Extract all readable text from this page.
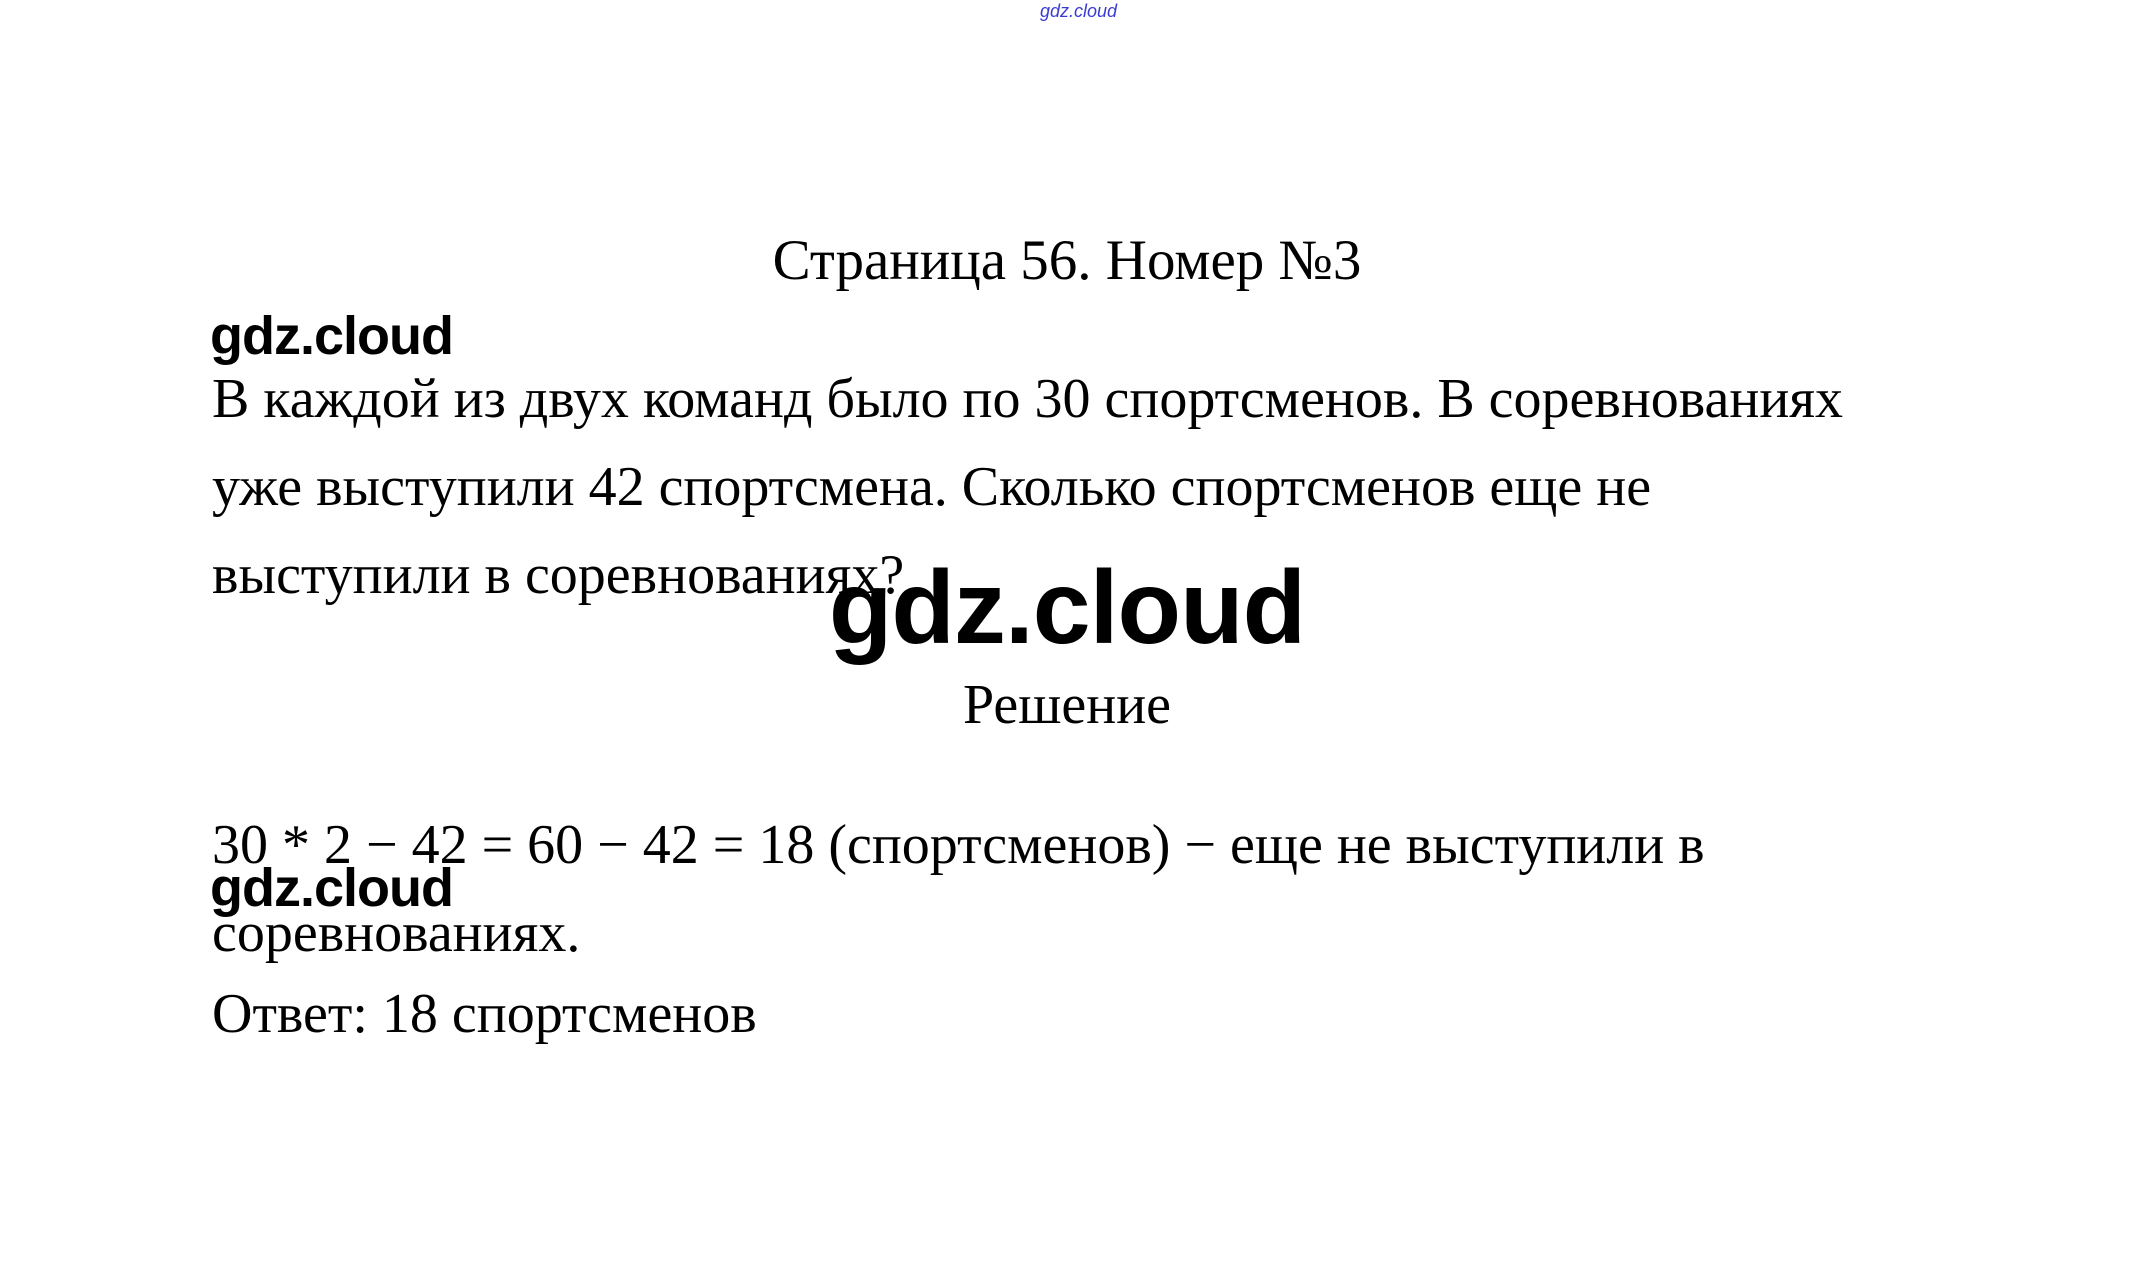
gdz.cloud
Страница 56. Номер №3
gdz.cloud
В каждой из двух команд было по 30 спортсменов. В соревнованиях
уже выступили 42 спортсмена. Сколько спортсменов еще не
выступили в соревнованиях?
gdz.cloud
Решение
30 * 2 − 42 = 60 − 42 = 18 (спортсменов) − еще не выступили в
соревнованиях.
gdz.cloud
Ответ: 18 спортсменов
